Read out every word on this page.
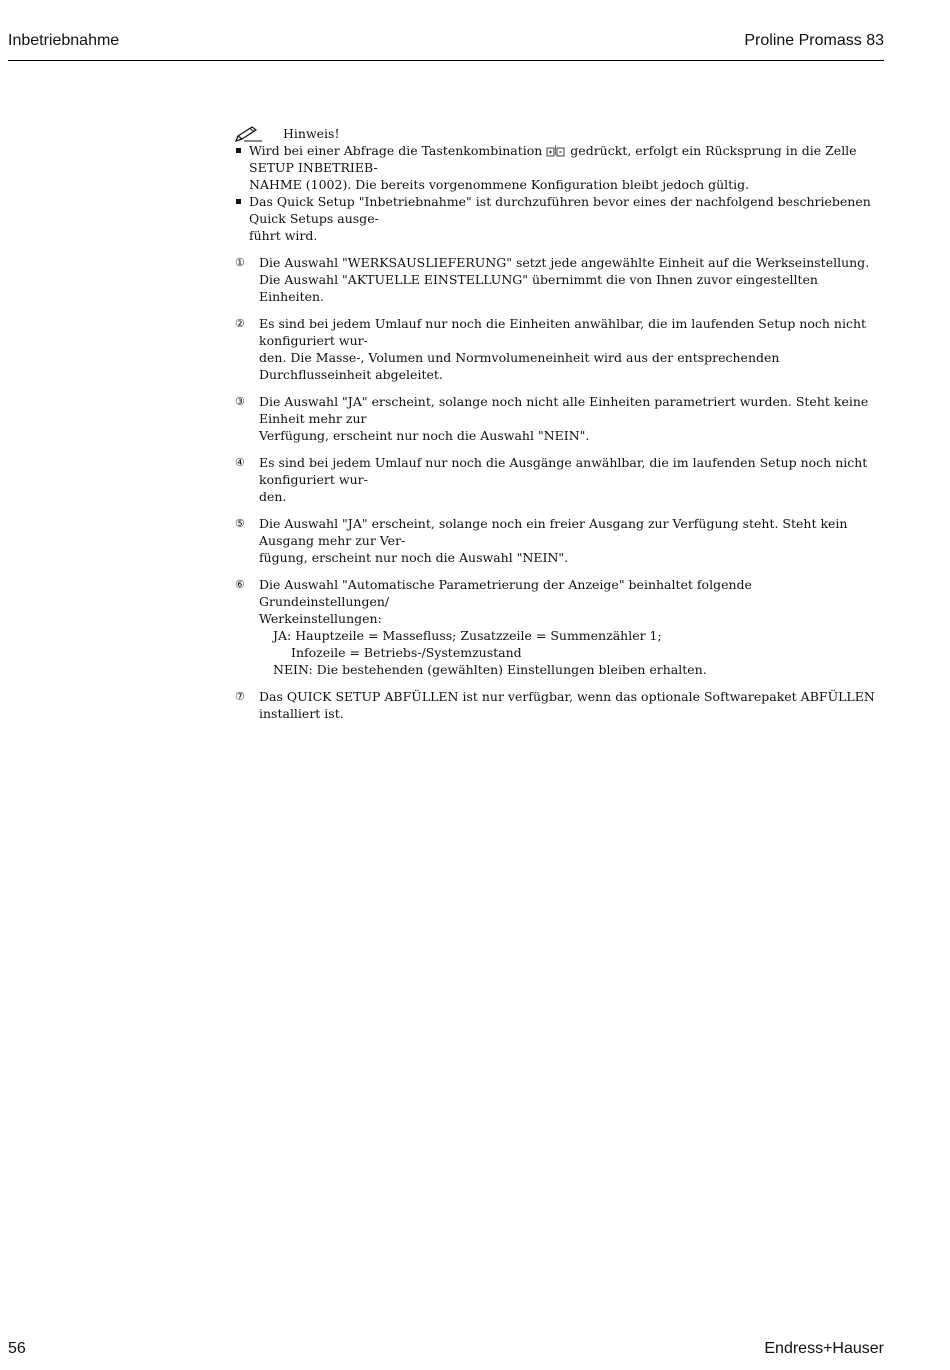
Inbetriebnahme	Proline Promass 83
Hinweis!
Wird bei einer Abfrage die Tastenkombination gedrückt, erfolgt ein Rücksprung in die Zelle SETUP INBETRIEB-
NAHME (1002). Die bereits vorgenommene Konfiguration bleibt jedoch gültig.
Das Quick Setup "Inbetriebnahme" ist durchzuführen bevor eines der nachfolgend beschriebenen Quick Setups ausge-
führt wird.
① Die Auswahl "WERKSAUSLIEFERUNG" setzt jede angewählte Einheit auf die Werkseinstellung.
Die Auswahl "AKTUELLE EINSTELLUNG" übernimmt die von Ihnen zuvor eingestellten Einheiten.
② Es sind bei jedem Umlauf nur noch die Einheiten anwählbar, die im laufenden Setup noch nicht konfiguriert wur-
den. Die Masse-, Volumen und Normvolumeneinheit wird aus der entsprechenden Durchflusseinheit abgeleitet.
③ Die Auswahl "JA" erscheint, solange noch nicht alle Einheiten parametriert wurden. Steht keine Einheit mehr zur
Verfügung, erscheint nur noch die Auswahl "NEIN".
④ Es sind bei jedem Umlauf nur noch die Ausgänge anwählbar, die im laufenden Setup noch nicht konfiguriert wur-
den.
⑤ Die Auswahl "JA" erscheint, solange noch ein freier Ausgang zur Verfügung steht. Steht kein Ausgang mehr zur Ver-
fügung, erscheint nur noch die Auswahl "NEIN".
⑥ Die Auswahl "Automatische Parametrierung der Anzeige" beinhaltet folgende Grundeinstellungen/
Werkeinstellungen:
JA: Hauptzeile = Massefluss; Zusatzzeile = Summenzähler 1;
Infozeile = Betriebs-/Systemzustand
NEIN: Die bestehenden (gewählten) Einstellungen bleiben erhalten.
⑦ Das QUICK SETUP ABFÜLLEN ist nur verfügbar, wenn das optionale Softwarepaket ABFÜLLEN installiert ist.
56	Endress+Hauser
